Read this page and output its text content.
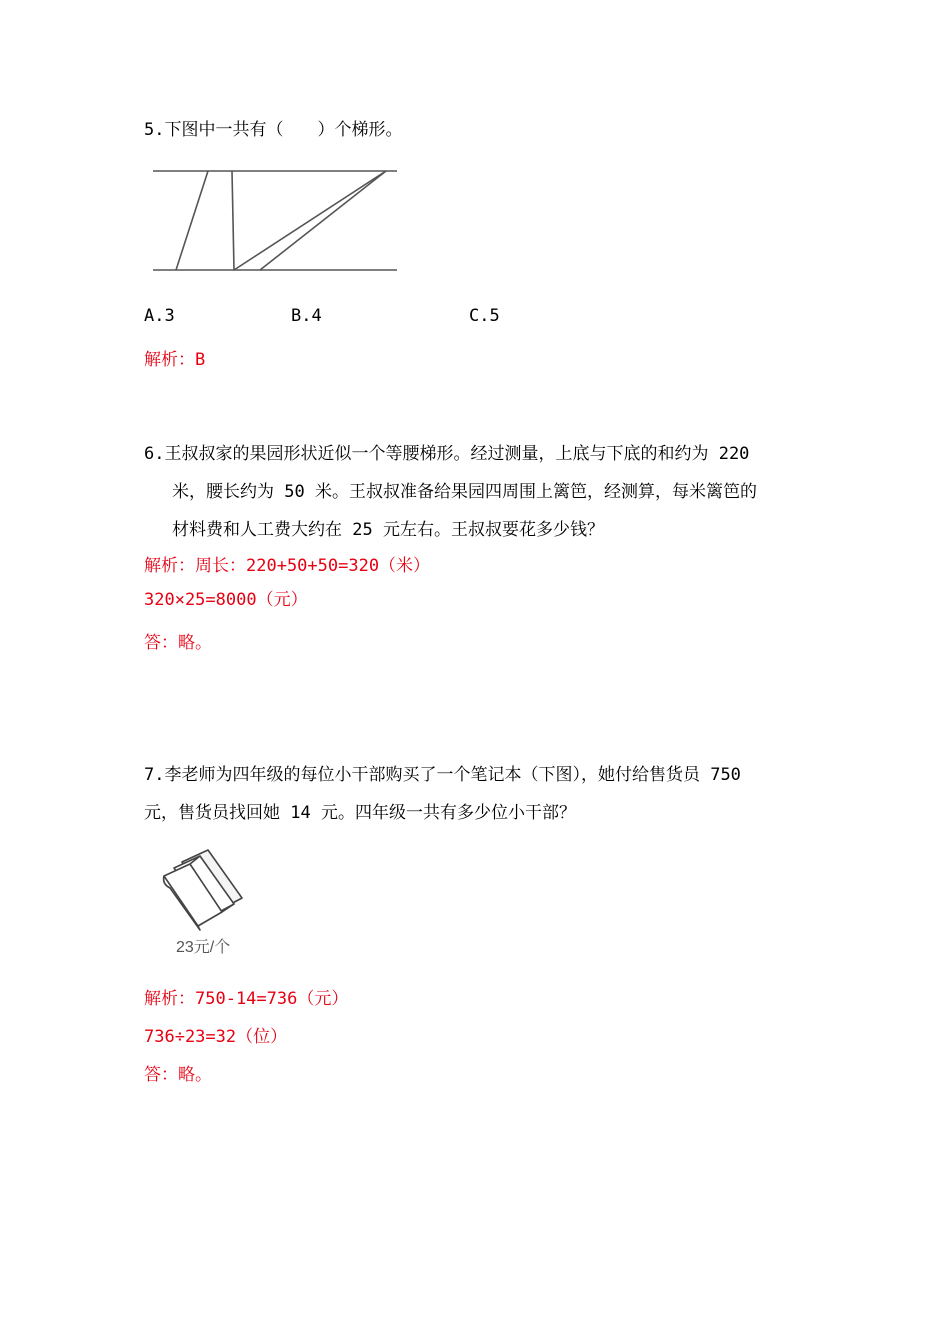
5.下图中一共有（　　）个梯形。
A.3	B.4	C.5
解析：B
6.王叔叔家的果园形状近似一个等腰梯形。经过测量，上底与下底的和约为 220
米，腰长约为 50 米。王叔叔准备给果园四周围上篱笆，经测算，每米篱笆的
材料费和人工费大约在 25 元左右。王叔叔要花多少钱？
解析：周长：220+50+50=320（米）
320×25=8000（元）
答：略。
7.李老师为四年级的每位小干部购买了一个笔记本（下图），她付给售货员 750
元，售货员找回她 14 元。四年级一共有多少位小干部？
23元/个
解析：750-14=736（元）
736÷23=32（位）
答：略。
